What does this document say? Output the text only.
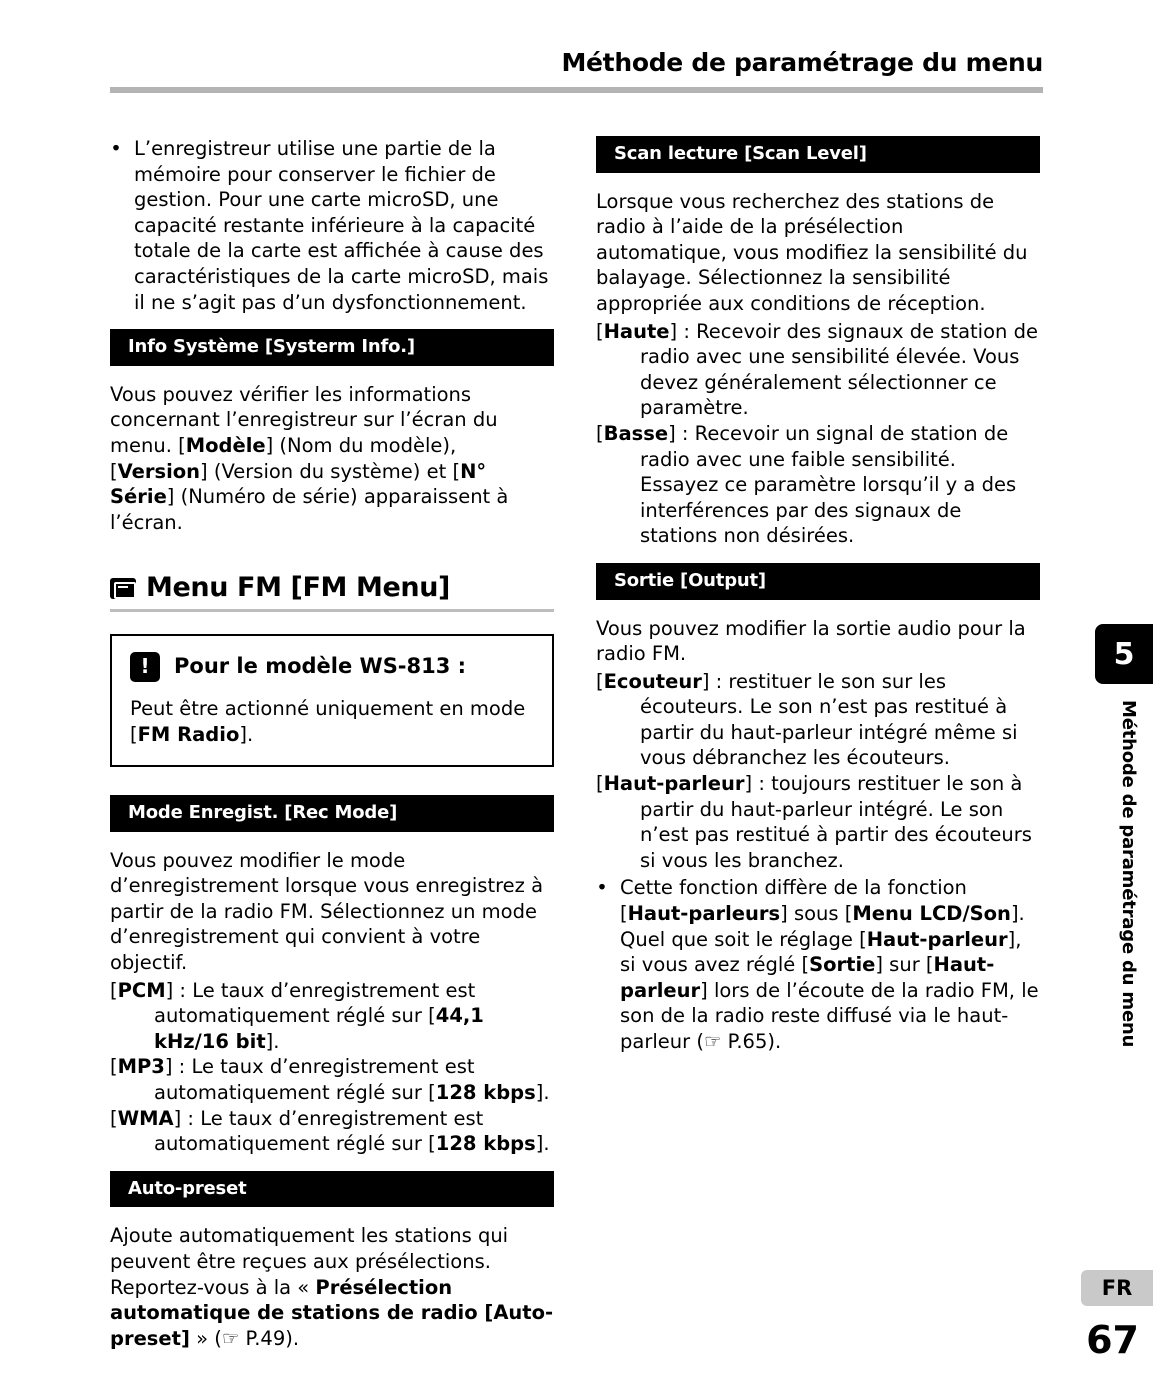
Méthode de paramétrage du menu
• L’enregistreur utilise une partie de la mémoire pour conserver le fichier de gestion. Pour une carte microSD, une capacité restante inférieure à la capacité totale de la carte est affichée à cause des caractéristiques de la carte microSD, mais il ne s’agit pas d’un dysfonctionnement.
Info Système [Systerm Info.]

Vous pouvez vérifier les informations concernant l’enregistreur sur l’écran du menu. [Modèle] (Nom du modèle), [Version] (Version du système) et [N° Série] (Numéro de série) apparaissent à l’écran.

Menu FM [FM Menu]
!	Pour le modèle WS-813 :
Peut être actionné uniquement en mode [FM Radio].
Mode Enregist. [Rec Mode]

Vous pouvez modifier le mode d’enregistrement lorsque vous enregistrez à partir de la radio FM. Sélectionnez un mode d’enregistrement qui convient à votre objectif.

[PCM] : Le taux d’enregistrement est automatiquement réglé sur [44,1 kHz/16 bit].

[MP3] : Le taux d’enregistrement est automatiquement réglé sur [128 kbps].

[WMA] : Le taux d’enregistrement est automatiquement réglé sur [128 kbps].

Auto-preset

Ajoute automatiquement les stations qui peuvent être reçues aux présélections. Reportez-vous à la « Présélection automatique de stations de radio [Auto-preset] » (☞ P.49).

Scan lecture [Scan Level]

Lorsque vous recherchez des stations de radio à l’aide de la présélection automatique, vous modifiez la sensibilité du balayage. Sélectionnez la sensibilité appropriée aux conditions de réception.

[Haute] : Recevoir des signaux de station de radio avec une sensibilité élevée. Vous devez généralement sélectionner ce paramètre.

[Basse] : Recevoir un signal de station de radio avec une faible sensibilité. Essayez ce paramètre lorsqu’il y a des interférences par des signaux de stations non désirées.

Sortie [Output]

Vous pouvez modifier la sortie audio pour la radio FM.

[Ecouteur] : restituer le son sur les écouteurs. Le son n’est pas restitué à partir du haut-parleur intégré même si vous débranchez les écouteurs.

[Haut-parleur] : toujours restituer le son à partir du haut-parleur intégré. Le son n’est pas restitué à partir des écouteurs si vous les branchez.

• Cette fonction diffère de la fonction [Haut-parleurs] sous [Menu LCD/Son]. Quel que soit le réglage [Haut-parleur], si vous avez réglé [Sortie] sur [Haut-parleur] lors de l’écoute de la radio FM, le son de la radio reste diffusé via le haut-parleur (☞ P.65).
5
Méthode de paramétrage du menu
FR
67
